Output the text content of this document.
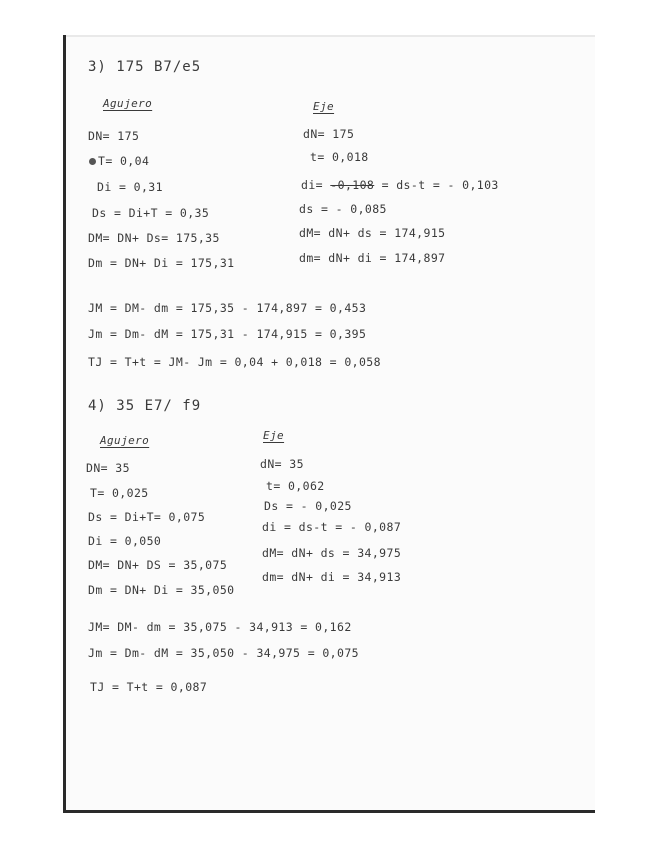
3) 175 B7/e5
Agujero
DN= 175
T= 0,04
Di = 0,31
Ds = Di+T = 0,35
DM= DN+ Ds= 175,35
Dm = DN+ Di = 175,31
Eje
dN= 175
t= 0,018
di= -0,108 = ds-t = - 0,103
ds = - 0,085
dM= dN+ ds = 174,915
dm= dN+ di = 174,897
JM = DM- dm = 175,35 - 174,897 = 0,453
Jm = Dm- dM = 175,31 - 174,915 = 0,395
TJ = T+t = JM- Jm = 0,04 + 0,018 = 0,058
4) 35 E7/ f9
Agujero
DN= 35
T= 0,025
Ds = Di+T= 0,075
Di = 0,050
DM= DN+ DS = 35,075
Dm = DN+ Di = 35,050
Eje
dN= 35
t= 0,062
Ds = - 0,025
di = ds-t = - 0,087
dM= dN+ ds = 34,975
dm= dN+ di = 34,913
JM= DM- dm = 35,075 - 34,913 = 0,162
Jm = Dm- dM = 35,050 - 34,975 = 0,075
TJ = T+t = 0,087
